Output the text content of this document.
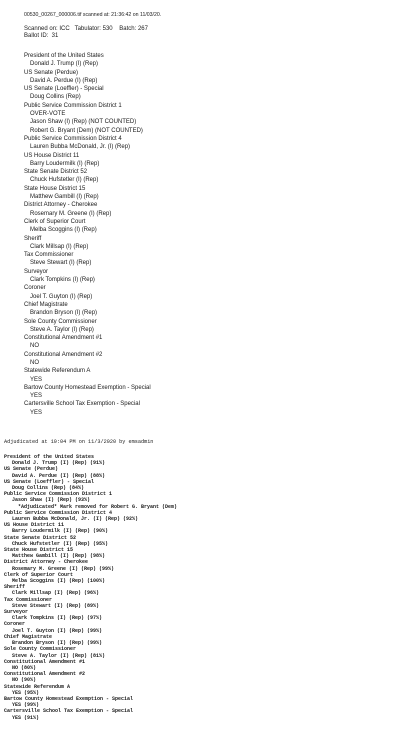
00530_00267_000006.tif scanned at: 21:36:42 on 11/03/20.
Scanned on: ICC   Tabulator: 530    Batch: 267
Ballot ID:  31
President of the United States
Donald J. Trump (I) (Rep)
US Senate (Perdue)
David A. Perdue (I) (Rep)
US Senate (Loeffler) - Special
Doug Collins (Rep)
Public Service Commission District 1
OVER-VOTE
Jason Shaw (I) (Rep) (NOT COUNTED)
Robert G. Bryant (Dem) (NOT COUNTED)
Public Service Commission District 4
Lauren Bubba McDonald, Jr. (I) (Rep)
US House District 11
Barry Loudermilk (I) (Rep)
State Senate District 52
Chuck Hufstetler (I) (Rep)
State House District 15
Matthew Gambill (I) (Rep)
District Attorney - Cherokee
Rosemary M. Greene (I) (Rep)
Clerk of Superior Court
Melba Scoggins (I) (Rep)
Sheriff
Clark Millsap (I) (Rep)
Tax Commissioner
Steve Stewart (I) (Rep)
Surveyor
Clark Tompkins (I) (Rep)
Coroner
Joel T. Guyton (I) (Rep)
Chief Magistrate
Brandon Bryson (I) (Rep)
Sole County Commissioner
Steve A. Taylor (I) (Rep)
Constitutional Amendment #1
NO
Constitutional Amendment #2
NO
Statewide Referendum A
YES
Bartow County Homestead Exemption - Special
YES
Cartersville School Tax Exemption - Special
YES
Adjudicated at 10:04 PM on 11/3/2020 by emsadmin
President of the United States
Donald J. Trump (I) (Rep) (91%)
US Senate (Perdue)
David A. Perdue (I) (Rep) (88%)
US Senate (Loeffler) - Special
Doug Collins (Rep) (84%)
Public Service Commission District 1
Jason Shaw (I) (Rep) (93%)
*Adjudicated* Mark removed for Robert G. Bryant (Dem)
Public Service Commission District 4
Lauren Bubba McDonald, Jr. (I) (Rep) (92%)
US House District 11
Barry Loudermilk (I) (Rep) (90%)
State Senate District 52
Chuck Hufstetler (I) (Rep) (95%)
State House District 15
Matthew Gambill (I) (Rep) (98%)
District Attorney - Cherokee
Rosemary M. Greene (I) (Rep) (99%)
Clerk of Superior Court
Melba Scoggins (I) (Rep) (100%)
Sheriff
Clark Millsap (I) (Rep) (96%)
Tax Commissioner
Steve Stewart (I) (Rep) (89%)
Surveyor
Clark Tompkins (I) (Rep) (97%)
Coroner
Joel T. Guyton (I) (Rep) (99%)
Chief Magistrate
Brandon Bryson (I) (Rep) (99%)
Sole County Commissioner
Steve A. Taylor (I) (Rep) (81%)
Constitutional Amendment #1
NO (80%)
Constitutional Amendment #2
NO (90%)
Statewide Referendum A
YES (95%)
Bartow County Homestead Exemption - Special
YES (99%)
Cartersville School Tax Exemption - Special
YES (91%)
